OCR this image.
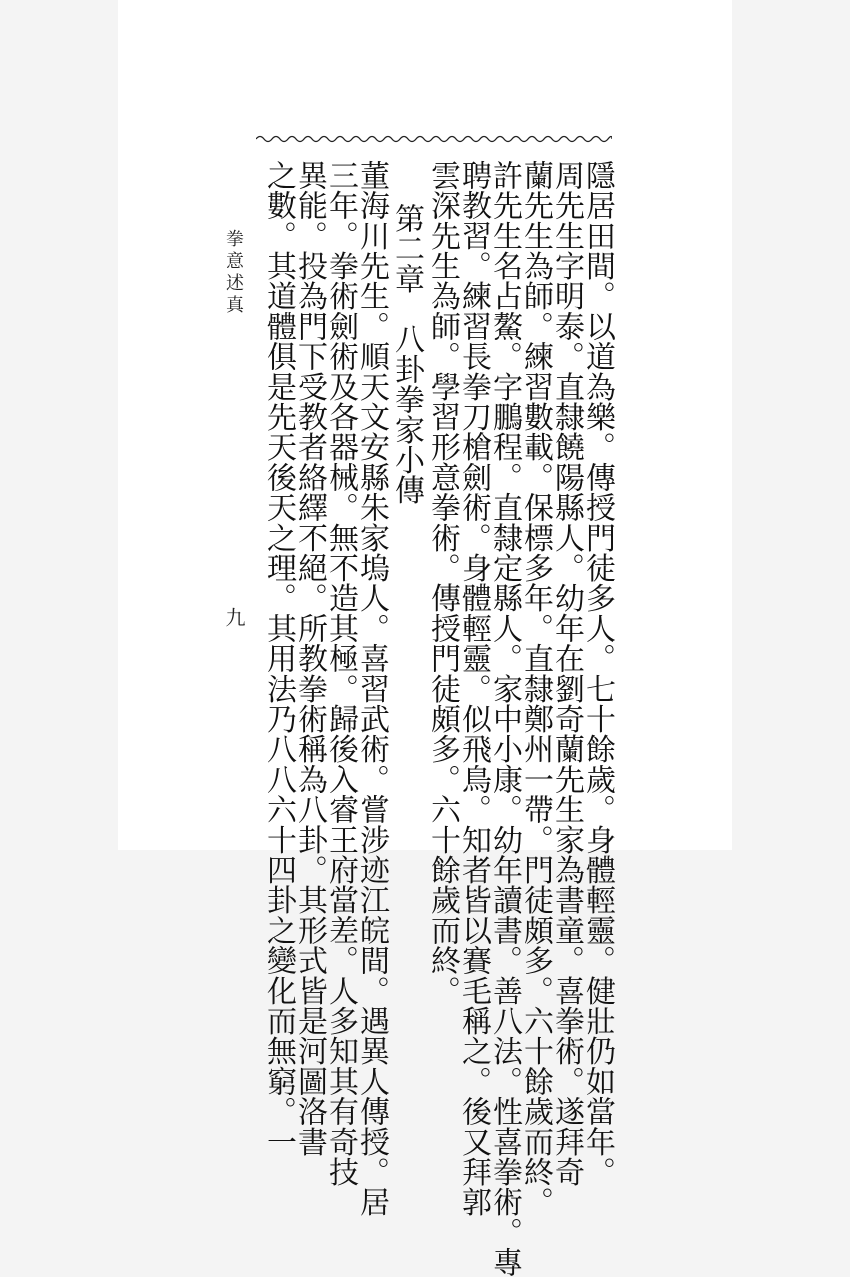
隱居田間。以道為樂。傳授門徒多人。七十餘歲。身體輕靈。健壯仍如當年。
周先生字明泰。直隸饒陽縣人。幼年在劉奇蘭先生家為書童。喜拳術。遂拜奇
蘭先生為師。練習數載。保標多年。直隸鄭州一帶。門徒頗多。六十餘歲而終。
許先生名占鰲。字鵬程。直隸定縣人。家中小康。幼年讀書。善八法。性喜拳術。專
聘教習。練習長拳刀槍劍術。身體輕靈。似飛鳥。知者皆以賽毛稱之。後又拜郭
雲深先生為師。學習形意拳術。傳授門徒頗多。六十餘歲而終。
第二章　八卦拳家小傳
董海川先生。順天文安縣朱家塢人。喜習武術。嘗涉迹江皖間。遇異人傳授。居
三年。拳術劍術及各器械。無不造其極。歸後入睿王府當差。人多知其有奇技
異能。投為門下受教者絡繹不絕。所教拳術稱為八卦。其形式皆是河圖洛書
之數。其道體俱是先天後天之理。其用法乃八八六十四卦之變化而無窮。一
拳意述真
九
